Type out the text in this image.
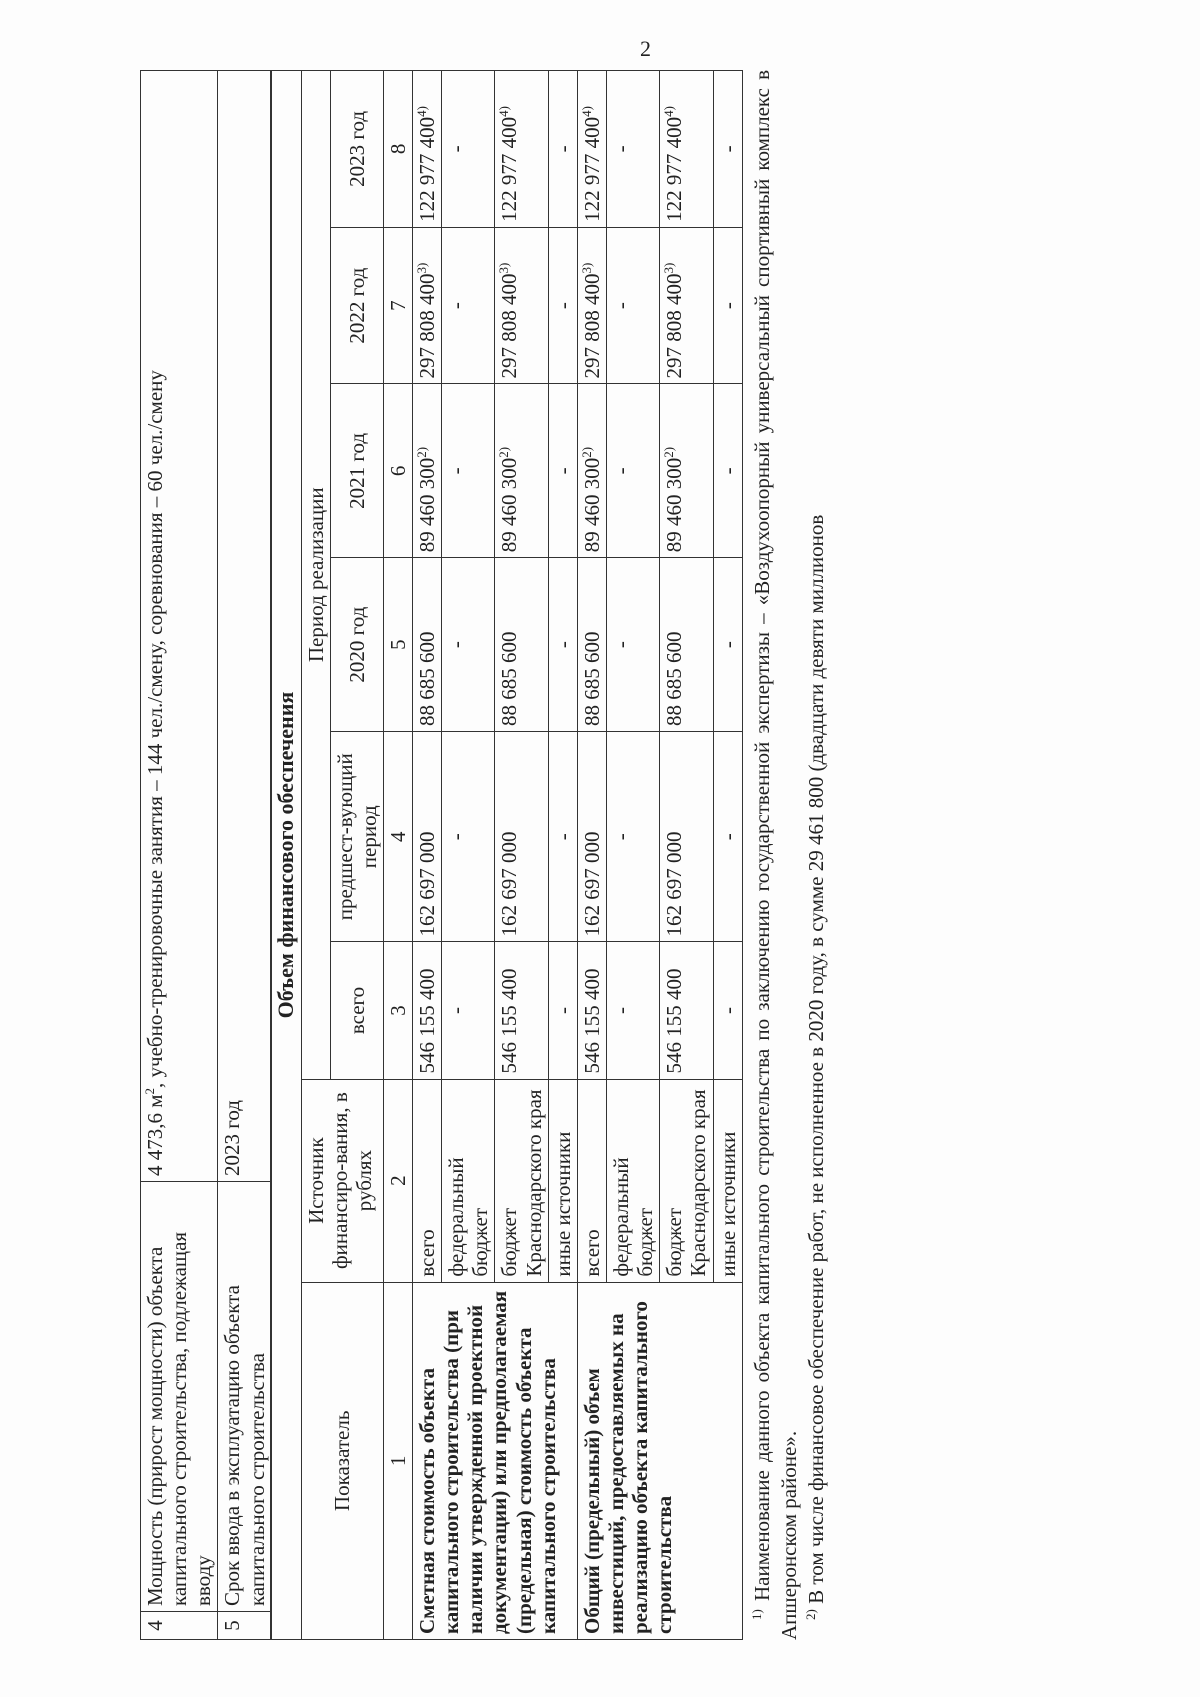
2
4	Мощность (прирост мощности) объекта капитального строительства, подлежащая вводу	4 473,6 $м^2$, учебно-тренировочные занятия – 144 чел./смену, соревнования – 60 чел./смену
5	Срок ввода в эксплуатацию объекта капитального строительства	2023 год
Объем финансового обеспечения							
Показатель	Источник финансиро-вания, в рублях	Период реализации					
		всего	предшест-вующий период	2020 год	2021 год	2022 год	2023 год
1	2	3	4	5	6	7	8
Сметная стоимость объекта капитального строительства (при наличии утвержденной проектной документации) или предполагаемая (предельная) стоимость объекта капитального строительства	всего	546 155 400	162 697 000	88 685 600	89 460 300$^{2)}$	297 808 400$^{3)}$	122 977 400$^{4)}$
	федеральный бюджет	-	-	-	-	-	-
	бюджет Краснодарского края	546 155 400	162 697 000	88 685 600	89 460 300$^{2)}$	297 808 400$^{3)}$	122 977 400$^{4)}$
	иные источники	-	-	-	-	-	-
Общий (предельный) объем инвестиций, предоставляемых на реализацию объекта капитального строительства	всего	546 155 400	162 697 000	88 685 600	89 460 300$^{2)}$	297 808 400$^{3)}$	122 977 400$^{4)}$
	федеральный бюджет	-	-	-	-	-	-
	бюджет Краснодарского края	546 155 400	162 697 000	88 685 600	89 460 300$^{2)}$	297 808 400$^{3)}$	122 977 400$^{4)}$
	иные источники	-	-	-	-	-	-

$^{1)}$ Наименование данного объекта капитального строительства по заключению государственной экспертизы – «Воздухоопорный универсальный спортивный комплекс в Апшеронском районе». $^{2)}$ В том числе финансовое обеспечение работ, не исполненное в 2020 году, в сумме 29 461 800 (двадцати девяти миллионов
